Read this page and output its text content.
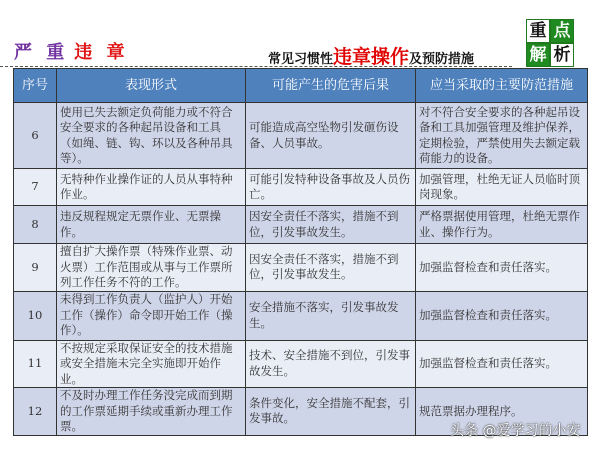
严 重 违 章	常见习惯性违章操作及预防措施
重 点
解 析
序号	表现形式	可能产生的危害后果	应当采取的主要防范措施
6	使用已失去额定负荷能力或不符合安全要求的各种起吊设备和工具（如绳、链、钩、环以及各种吊具等）。	可能造成高空坠物引发砸伤设备、人员事故。	对不符合安全要求的各种起吊设备和工具加强管理及维护保养，定期检验，严禁使用失去额定载荷能力的设备。
7	无特种作业操作证的人员从事特种作业。	可能引发特种设备事故及人员伤亡。	加强管理，杜绝无证人员临时顶岗现象。
8	违反规程规定无票作业、无票操作。	因安全责任不落实，措施不到位，引发事故发生。	严格票据使用管理，杜绝无票作业、操作行为。
9	擅自扩大操作票（特殊作业票、动火票）工作范围或从事与工作票所列工作任务不符的工作。	因安全责任不落实，措施不到位，引发事故发生。	加强监督检查和责任落实。
10	未得到工作负责人（监护人）开始工作（操作）命令即开始工作（操作）。	安全措施不落实，引发事故发生。	加强监督检查和责任落实。
11	不按规定采取保证安全的技术措施或安全措施未完全实施即开始作业。	技术、安全措施不到位，引发事故发生。	加强监督检查和责任落实。
12	不及时办理工作任务没完成而到期的工作票延期手续或重新办理工作票。	条件变化，安全措施不配套，引发事故。	规范票据办理程序。
头条 @爱学习的小安
